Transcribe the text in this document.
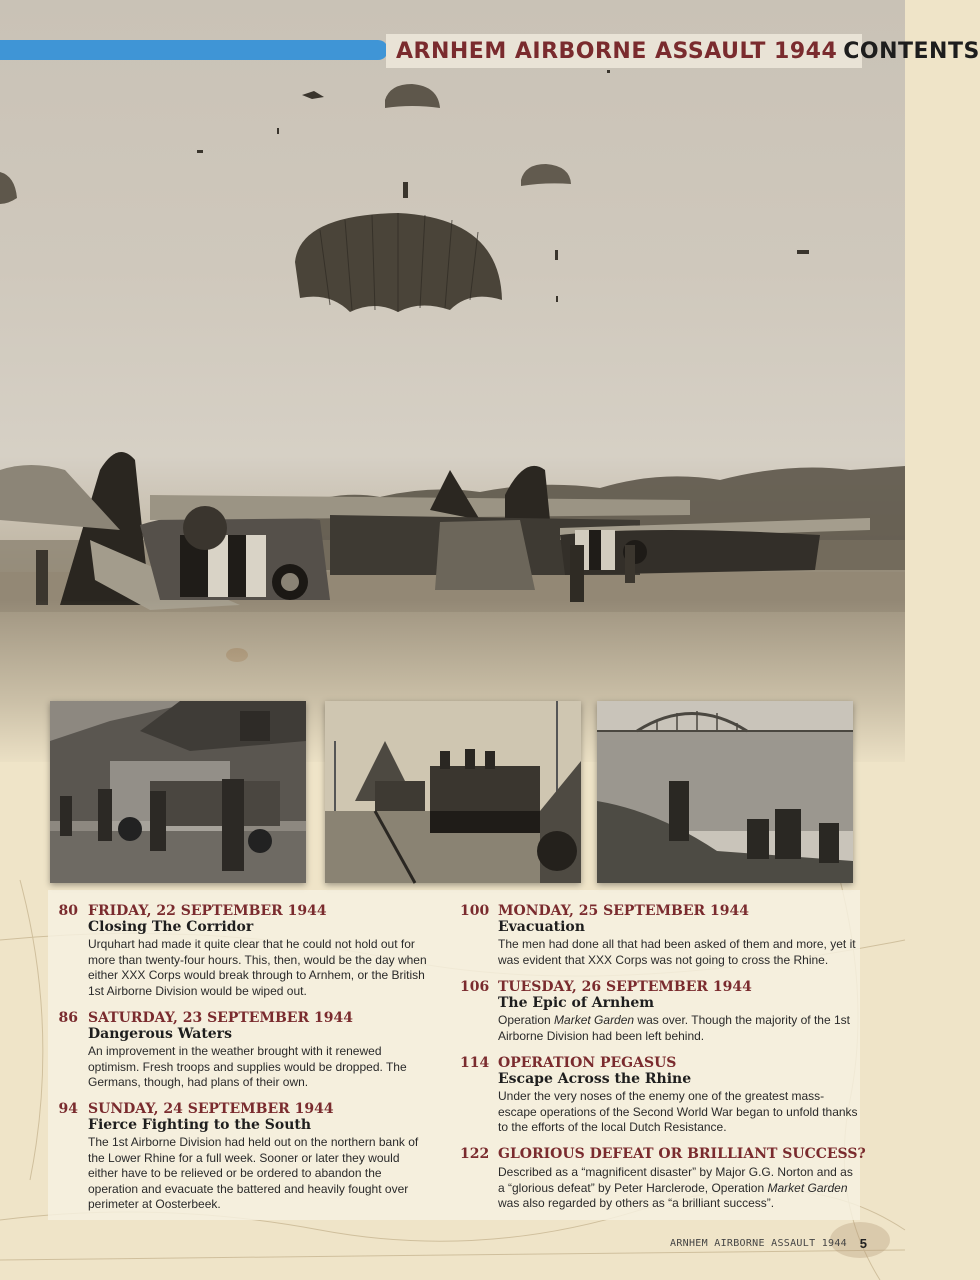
ARNHEM AIRBORNE ASSAULT 1944 CONTENTS
80 FRIDAY, 22 SEPTEMBER 1944
Closing The Corridor
Urquhart had made it quite clear that he could not hold out for more than twenty-four hours. This, then, would be the day when either XXX Corps would break through to Arnhem, or the British 1st Airborne Division would be wiped out.
86 SATURDAY, 23 SEPTEMBER 1944
Dangerous Waters
An improvement in the weather brought with it renewed optimism. Fresh troops and supplies would be dropped. The Germans, though, had plans of their own.
94 SUNDAY, 24 SEPTEMBER 1944
Fierce Fighting to the South
The 1st Airborne Division had held out on the northern bank of the Lower Rhine for a full week. Sooner or later they would either have to be relieved or be ordered to abandon the operation and evacuate the battered and heavily fought over perimeter at Oosterbeek.
100 MONDAY, 25 SEPTEMBER 1944
Evacuation
The men had done all that had been asked of them and more, yet it was evident that XXX Corps was not going to cross the Rhine.
106 TUESDAY, 26 SEPTEMBER 1944
The Epic of Arnhem
Operation Market Garden was over. Though the majority of the 1st Airborne Division had been left behind.
114 OPERATION PEGASUS
Escape Across the Rhine
Under the very noses of the enemy one of the greatest mass-escape operations of the Second World War began to unfold thanks to the efforts of the local Dutch Resistance.
122 GLORIOUS DEFEAT OR BRILLIANT SUCCESS?
Described as a “magnificent disaster” by Major G.G. Norton and as a “glorious defeat” by Peter Harclerode, Operation Market Garden was also regarded by others as “a brilliant success”.
ARNHEM AIRBORNE ASSAULT 1944 5
